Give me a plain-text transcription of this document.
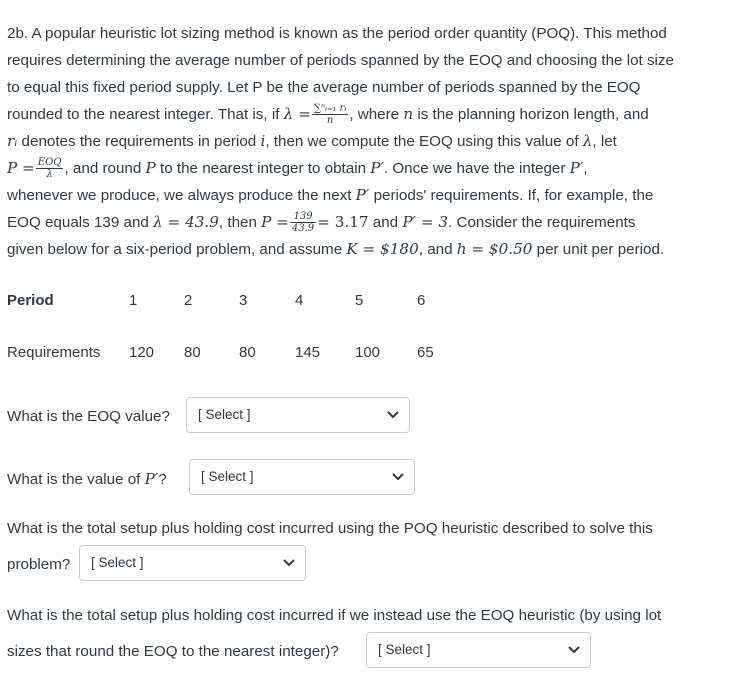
2b. A popular heuristic lot sizing method is known as the period order quantity (POQ). This method

requires determining the average number of periods spanned by the EOQ and choosing the lot size

to equal this fixed period supply. Let P be the average number of periods spanned by the EOQ

rounded to the nearest integer. That is, if $\lambda = \frac{\text{∑ⁿᵢ₌₁ rᵢ}}{n}$ , where n is the planning horizon length, and

rᵢ denotes the requirements in period i, then we compute the EOQ using this value of λ, let

$P = \frac{\text{EOQ}}{\lambda}$ , and round P to the nearest integer to obtain P′. Once we have the integer P′,

whenever we produce, we always produce the next P′ periods' requirements. If, for example, the

EOQ equals 139 and λ = 43.9, then $P = \frac{139}{43.9} = 3.17$ and P′ = 3. Consider the requirements

given below for a six-period problem, and assume K = $180, and h = $0.50 per unit per period.

Period	1	2	3	4	5	6

Requirements	120	80	80	145	100	65
What is the EOQ value? [ Select ]
What is the value of P′?	[ Select ]
What is the total setup plus holding cost incurred using the POQ heuristic described to solve this
problem? [ Select ]
What is the total setup plus holding cost incurred if we instead use the EOQ heuristic (by using lot
sizes that round the EOQ to the nearest integer)?	[ Select ]
